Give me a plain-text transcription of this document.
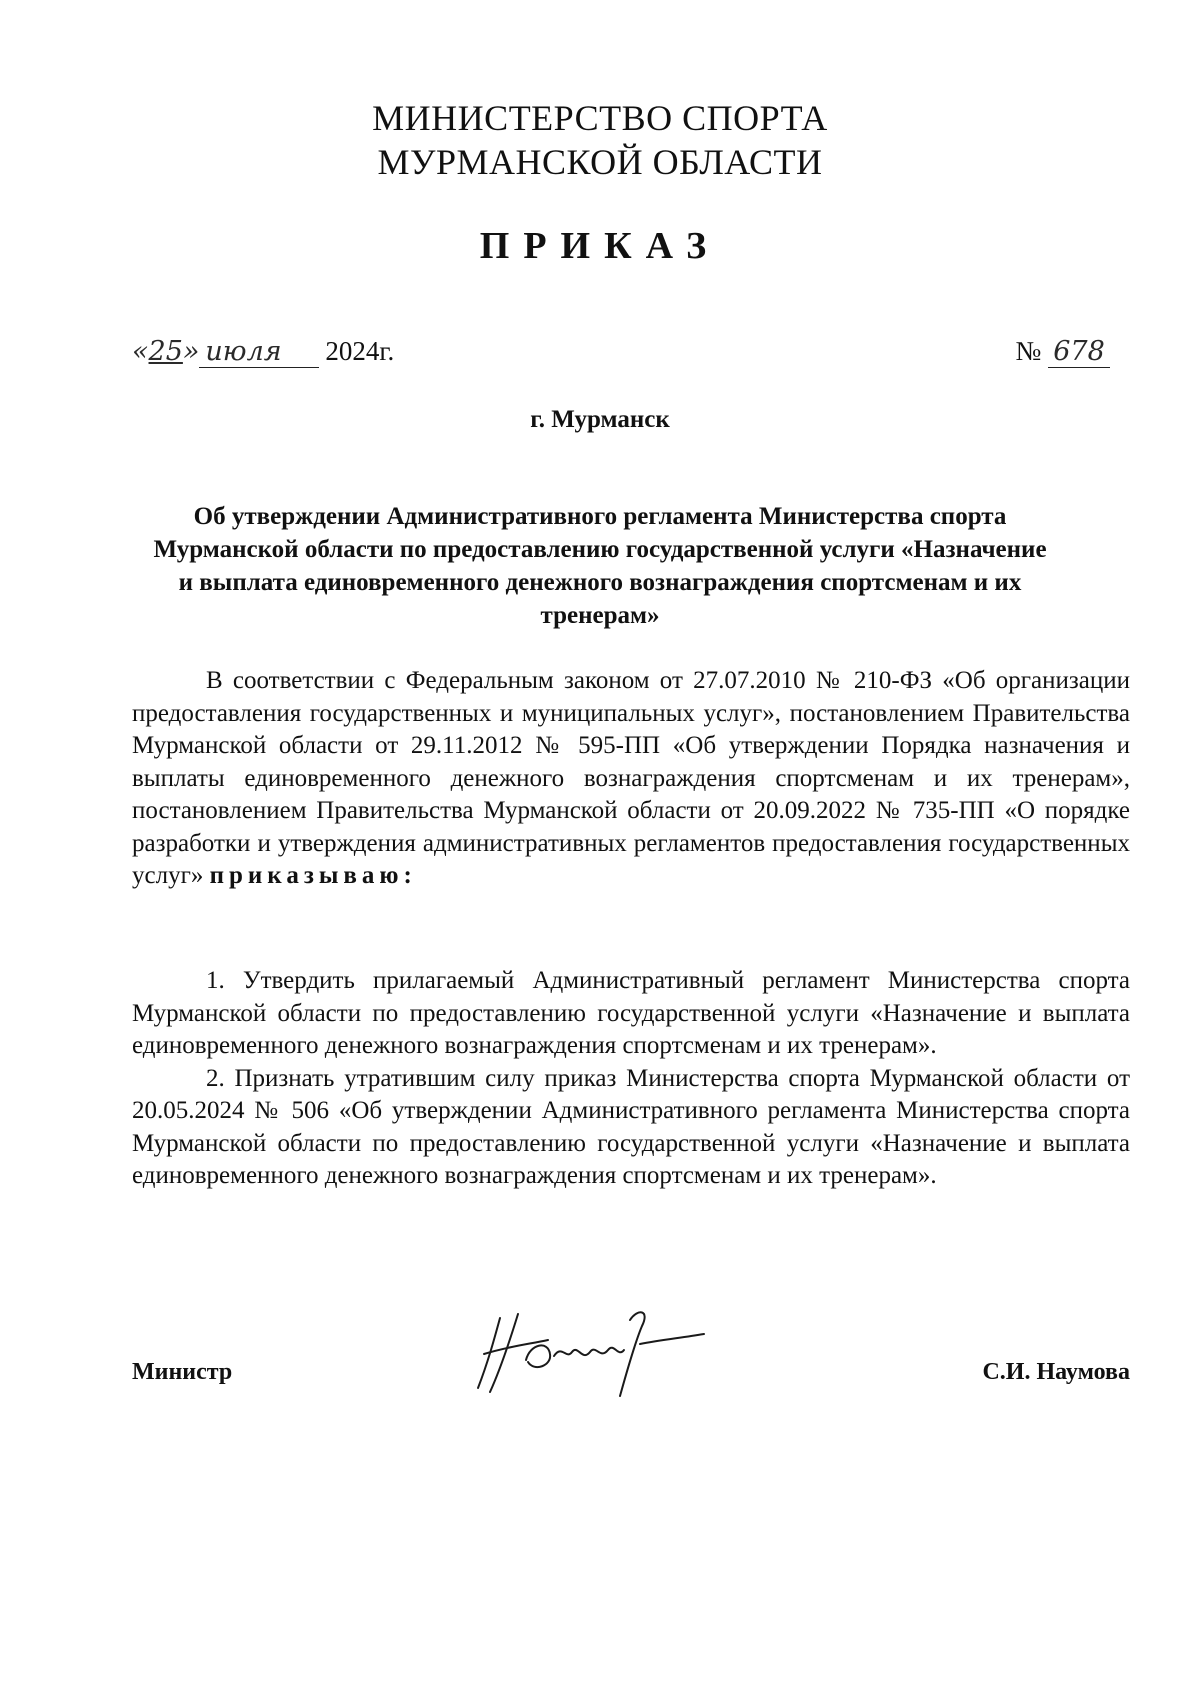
МИНИСТЕРСТВО СПОРТА
МУРМАНСКОЙ ОБЛАСТИ
ПРИКАЗ
«25» июля 2024г.	№ 678
г. Мурманск
Об утверждении Административного регламента Министерства спорта Мурманской области по предоставлению государственной услуги «Назначение и выплата единовременного денежного вознаграждения спортсменам и их тренерам»

В соответствии с Федеральным законом от 27.07.2010 № 210-ФЗ «Об организации предоставления государственных и муниципальных услуг», постановлением Правительства Мурманской области от 29.11.2012 № 595-ПП «Об утверждении Порядка назначения и выплаты единовременного денежного вознаграждения спортсменам и их тренерам», постановлением Правительства Мурманской области от 20.09.2022 № 735-ПП «О порядке разработки и утверждения административных регламентов предоставления государственных услуг» приказываю:

1. Утвердить прилагаемый Административный регламент Министерства спорта Мурманской области по предоставлению государственной услуги «Назначение и выплата единовременного денежного вознаграждения спортсменам и их тренерам».

2. Признать утратившим силу приказ Министерства спорта Мурманской области от 20.05.2024 № 506 «Об утверждении Административного регламента Министерства спорта Мурманской области по предоставлению государственной услуги «Назначение и выплата единовременного денежного вознаграждения спортсменам и их тренерам».

Министр	С.И. Наумова
